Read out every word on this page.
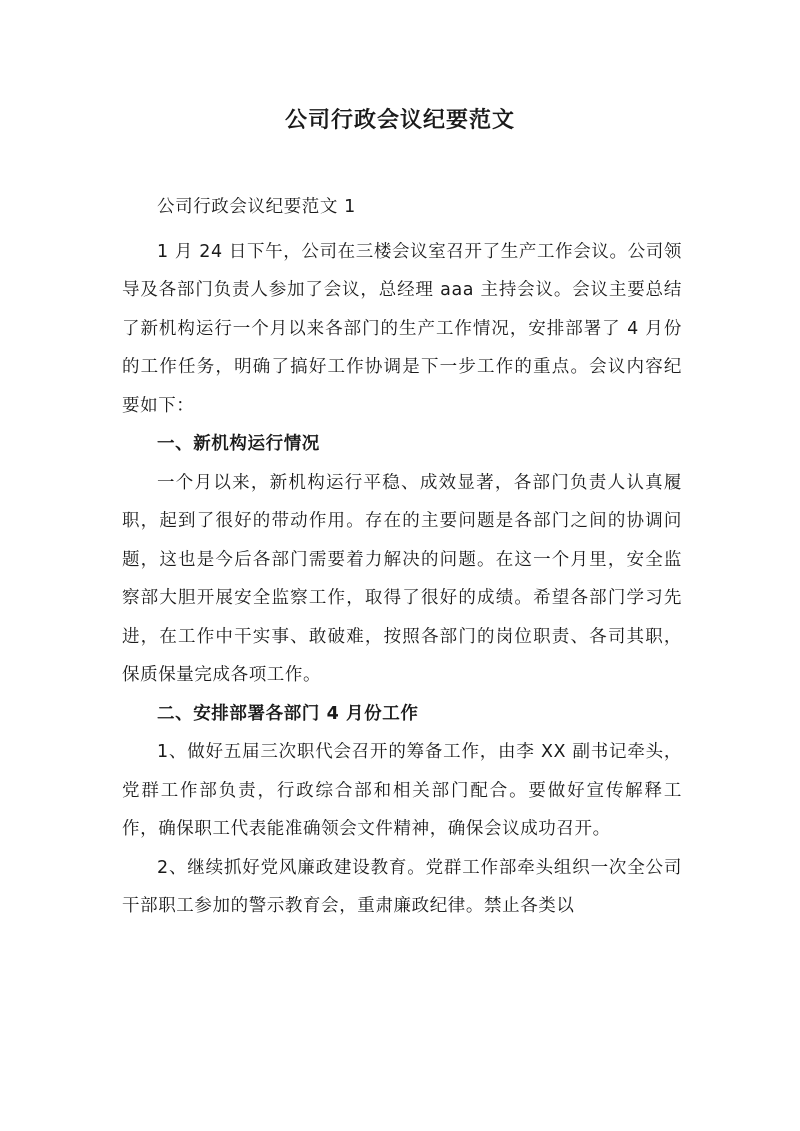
公司行政会议纪要范文

公司行政会议纪要范文 1

1 月 24 日下午，公司在三楼会议室召开了生产工作会议。公司领导及各部门负责人参加了会议，总经理 aaa 主持会议。会议主要总结了新机构运行一个月以来各部门的生产工作情况，安排部署了 4 月份的工作任务，明确了搞好工作协调是下一步工作的重点。会议内容纪要如下：

一、新机构运行情况

一个月以来，新机构运行平稳、成效显著，各部门负责人认真履职，起到了很好的带动作用。存在的主要问题是各部门之间的协调问题，这也是今后各部门需要着力解决的问题。在这一个月里，安全监察部大胆开展安全监察工作，取得了很好的成绩。希望各部门学习先进，在工作中干实事、敢破难，按照各部门的岗位职责、各司其职，保质保量完成各项工作。

二、安排部署各部门 4 月份工作

1、做好五届三次职代会召开的筹备工作，由李 XX 副书记牵头，党群工作部负责，行政综合部和相关部门配合。要做好宣传解释工作，确保职工代表能准确领会文件精神，确保会议成功召开。

2、继续抓好党风廉政建设教育。党群工作部牵头组织一次全公司干部职工参加的警示教育会，重肃廉政纪律。禁止各类以
